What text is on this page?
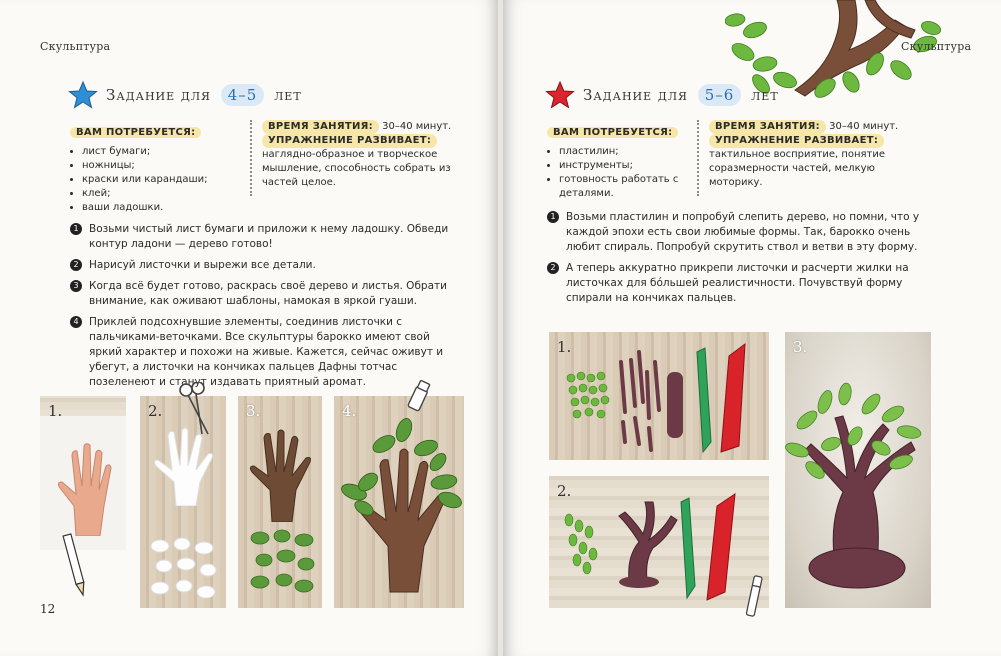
Скульптура
Задание для 4–5 лет
ВАМ ПОТРЕБУЕТСЯ:
• лист бумаги;
• ножницы;
• краски или карандаши;
• клей;
• ваши ладошки.
ВРЕМЯ ЗАНЯТИЯ: 30–40 минут.
УПРАЖНЕНИЕ РАЗВИВАЕТ: наглядно-образное и творческое мышление, способность собрать из частей целое.
1 Возьми чистый лист бумаги и приложи к нему ладошку. Обведи контур ладони — дерево готово!
2 Нарисуй листочки и вырежи все детали.
3 Когда всё будет готово, раскрась своё дерево и листья. Обрати внимание, как оживают шаблоны, намокая в яркой гуаши.
4 Приклей подсохнувшие элементы, соединив листочки с пальчиками-веточками. Все скульптуры барокко имеют свой яркий характер и похожи на живые. Кажется, сейчас оживут и убегут, а листочки на кончиках пальцев Дафны тотчас позеленеют и станут издавать приятный аромат.
1.	2.	3.	4.
12
Скульптура
Задание для 5–6 лет
ВАМ ПОТРЕБУЕТСЯ:
• пластилин;
• инструменты;
• готовность работать с деталями.
ВРЕМЯ ЗАНЯТИЯ: 30–40 минут.
УПРАЖНЕНИЕ РАЗВИВАЕТ: тактильное восприятие, понятие соразмерности частей, мелкую моторику.
1 Возьми пластилин и попробуй слепить дерево, но помни, что у каждой эпохи есть свои любимые формы. Так, барокко очень любит спираль. Попробуй скрутить ствол и ветви в эту форму.
2 А теперь аккуратно прикрепи листочки и расчерти жилки на листочках для бóльшей реалистичности. Почувствуй форму спирали на кончиках пальцев.
1.
2.
3.
